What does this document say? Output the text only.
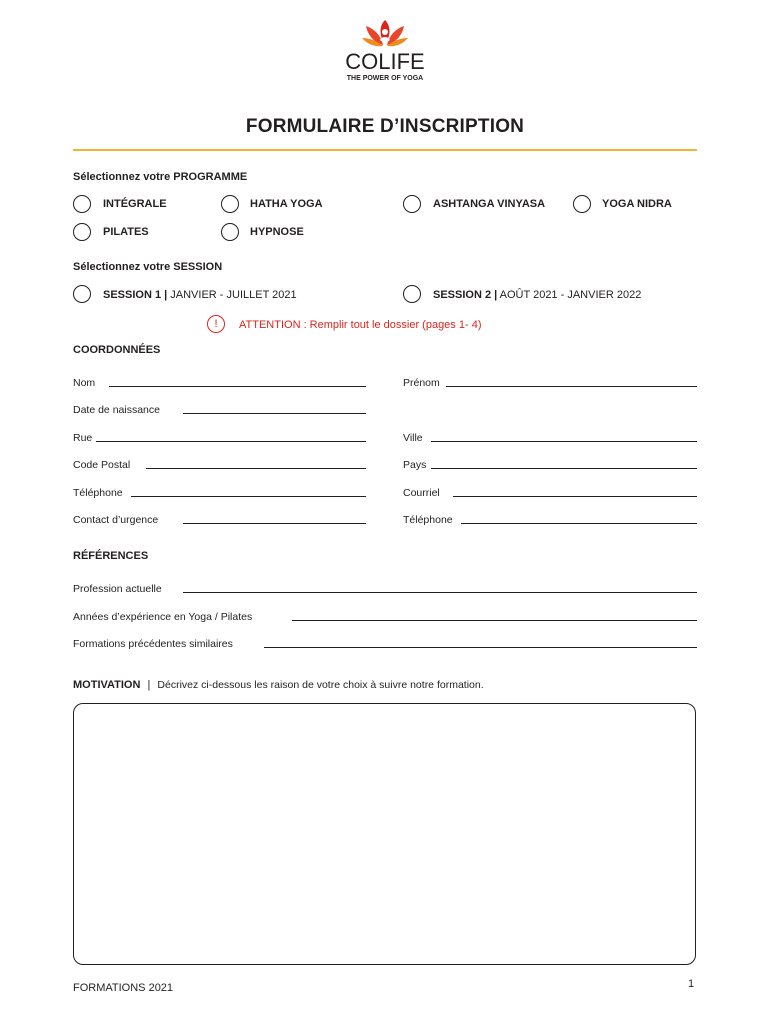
COLIFE
THE POWER OF YOGA
FORMULAIRE D’INSCRIPTION
Sélectionnez votre PROGRAMME
INTÉGRALE	HATHA YOGA	ASHTANGA VINYASA	YOGA NIDRA
PILATES	HYPNOSE
Sélectionnez votre SESSION
SESSION 1 | JANVIER - JUILLET 2021	SESSION 2 | AOÛT 2021 - JANVIER 2022
!	ATTENTION : Remplir tout le dossier (pages 1- 4)
COORDONNÉES
Nom	Prénom
Date de naissance
Rue	Ville
Code Postal	Pays
Téléphone	Courriel
Contact d’urgence	Téléphone
RÉFÉRENCES
Profession actuelle
Années d’expérience en Yoga / Pilates
Formations précédentes similaires
MOTIVATION | Décrivez ci-dessous les raison de votre choix à suivre notre formation.
FORMATIONS 2021	1
